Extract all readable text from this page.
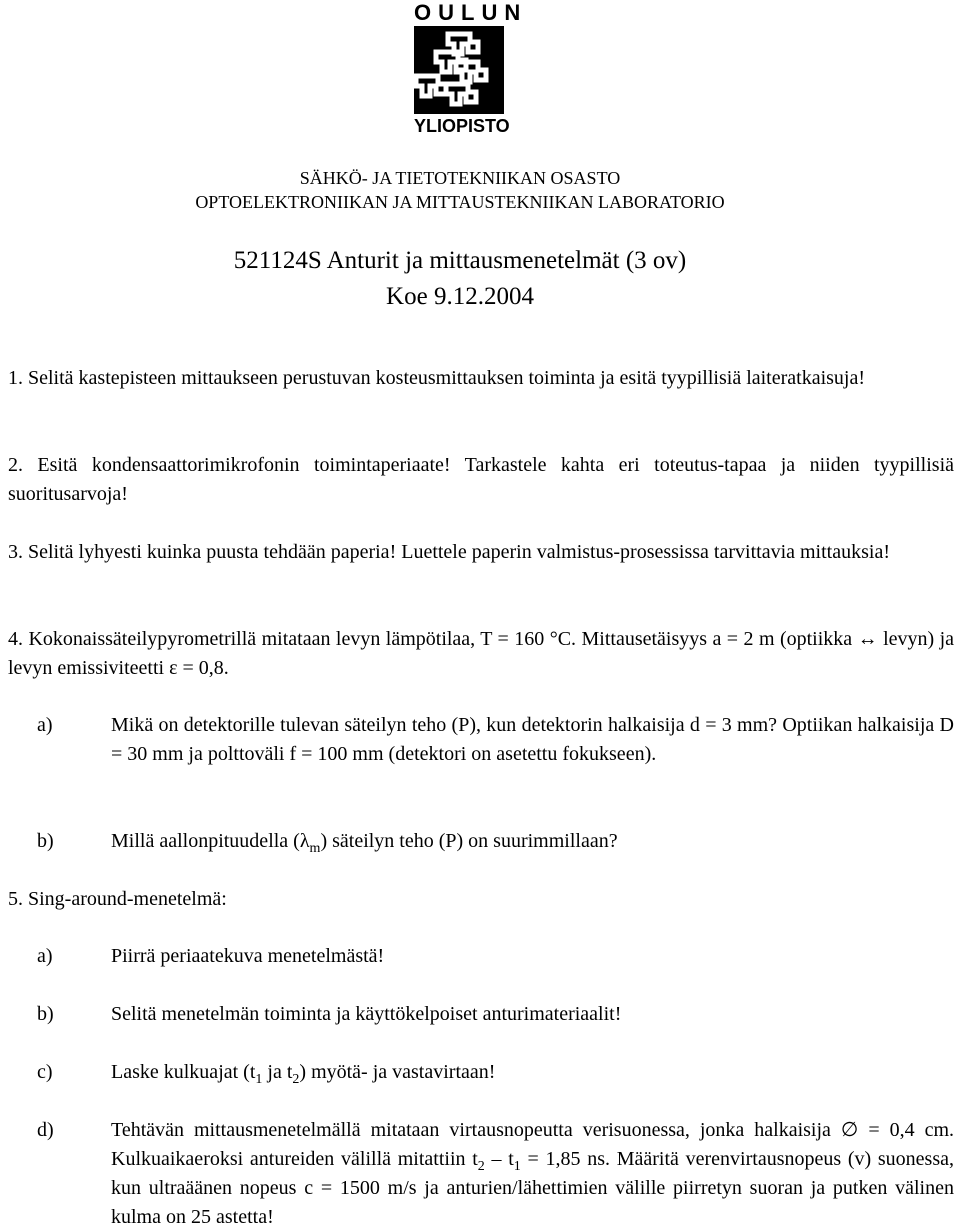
OULUN
YLIOPISTO
SÄHKÖ- JA TIETOTEKNIIKAN OSASTO
OPTOELEKTRONIIKAN JA MITTAUSTEKNIIKAN LABORATORIO
521124S Anturit ja mittausmenetelmät (3 ov)
Koe 9.12.2004
1. Selitä kastepisteen mittaukseen perustuvan kosteusmittauksen toiminta ja esitä tyypillisiä laiteratkaisuja!
2. Esitä kondensaattorimikrofonin toimintaperiaate! Tarkastele kahta eri toteutus-tapaa ja niiden tyypillisiä suoritusarvoja!
3. Selitä lyhyesti kuinka puusta tehdään paperia! Luettele paperin valmistus-prosessissa tarvittavia mittauksia!
4. Kokonaissäteilypyrometrillä mitataan levyn lämpötilaa, T = 160 °C. Mittausetäisyys a = 2 m (optiikka ↔ levyn) ja levyn emissiviteetti ε = 0,8.
a)	Mikä on detektorille tulevan säteilyn teho (P), kun detektorin halkaisija d = 3 mm? Optiikan halkaisija D = 30 mm ja polttoväli f = 100 mm (detektori on asetettu fokukseen).
b)	Millä aallonpituudella $(\lambda_m)$ säteilyn teho (P) on suurimmillaan?
5. Sing-around-menetelmä:
a)	Piirrä periaatekuva menetelmästä!
b)	Selitä menetelmän toiminta ja käyttökelpoiset anturimateriaalit!
c)	Laske kulkuajat ($t_1$ ja $t_2$) myötä- ja vastavirtaan!
d)	Tehtävän mittausmenetelmällä mitataan virtausnopeutta verisuonessa, jonka halkaisija ∅ = 0,4 cm. Kulkuaikaeroksi antureiden välillä mitattiin $t_2 - t_1 = 1,85$ ns. Määritä verenvirtausnopeus (v) suonessa, kun ultraäänen nopeus c = 1500 m/s ja anturien/lähettimien välille piirretyn suoran ja putken välinen kulma on 25 astetta!
